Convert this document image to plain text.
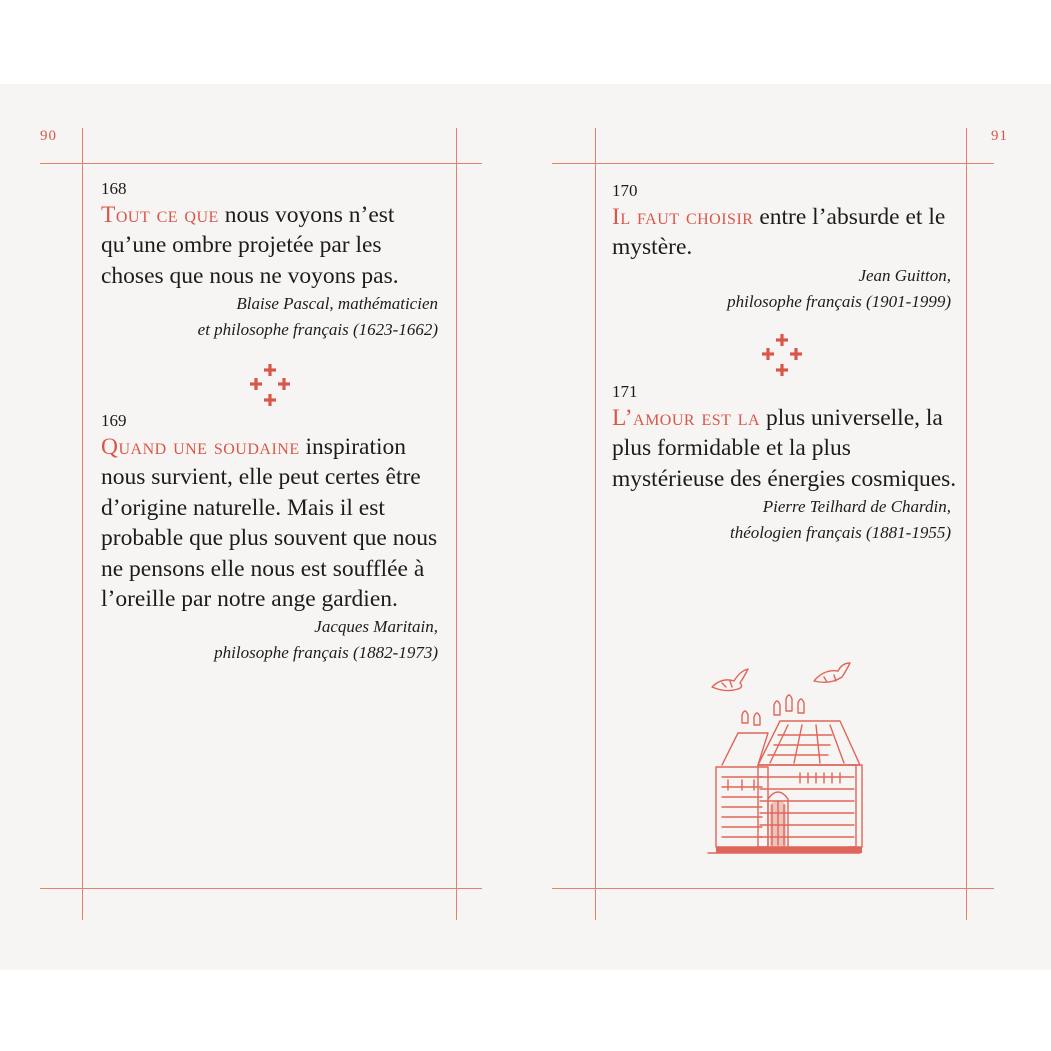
90	91

168

Tout ce que nous voyons n’est qu’une ombre projetée par les choses que nous ne voyons pas.

Blaise Pascal, mathématicien

et philosophe français (1623-1662)

169

Quand une soudaine inspiration nous survient, elle peut certes être d’origine naturelle. Mais il est probable que plus souvent que nous ne pensons elle nous est soufflée à l’oreille par notre ange gardien.

Jacques Maritain,

philosophe français (1882-1973)

170

Il faut choisir entre l’absurde et le mystère.

Jean Guitton,

philosophe français (1901-1999)

171

L’amour est la plus universelle, la plus formidable et la plus mystérieuse des énergies cosmiques.

Pierre Teilhard de Chardin,

théologien français (1881-1955)
